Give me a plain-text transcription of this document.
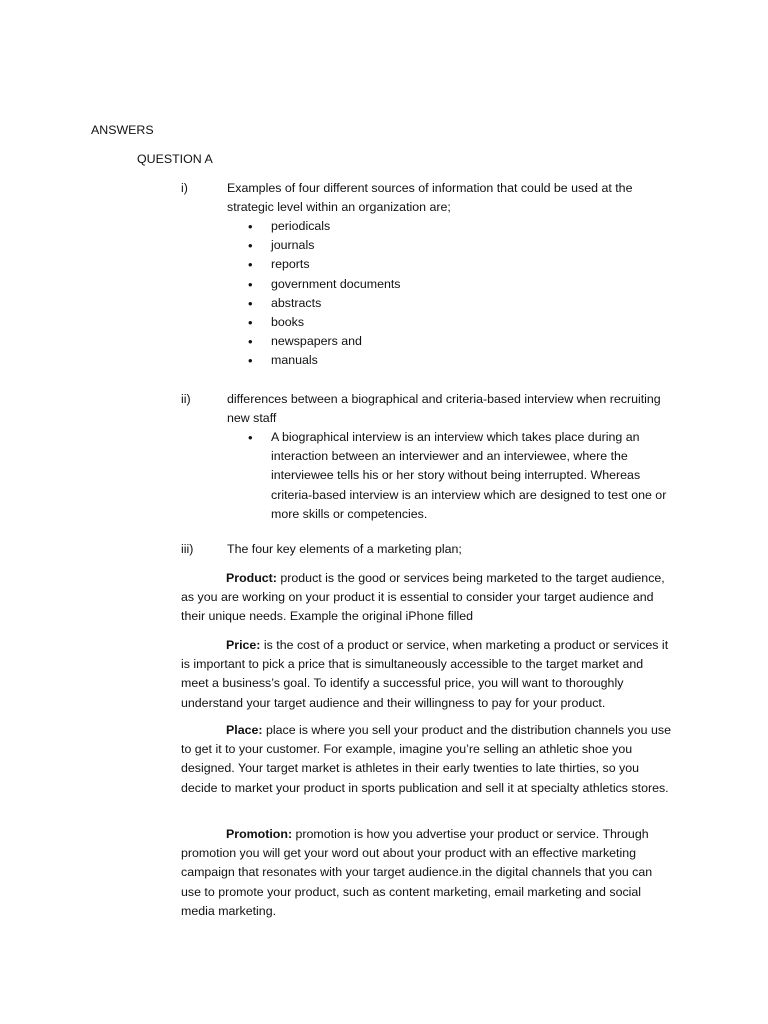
ANSWERS
QUESTION A
i)	Examples of four different sources of information that could be used at the strategic level within an organization are;
• periodicals
• journals
• reports
• government documents
• abstracts
• books
• newspapers and
• manuals
ii)	differences between a biographical and criteria-based interview when recruiting new staff
• A biographical interview is an interview which takes place during an interaction between an interviewer and an interviewee, where the interviewee tells his or her story without being interrupted. Whereas criteria-based interview is an interview which are designed to test one or more skills or competencies.
iii)	The four key elements of a marketing plan;
Product: product is the good or services being marketed to the target audience, as you are working on your product it is essential to consider your target audience and their unique needs. Example the original iPhone filled
Price: is the cost of a product or service, when marketing a product or services it is important to pick a price that is simultaneously accessible to the target market and meet a business’s goal. To identify a successful price, you will want to thoroughly understand your target audience and their willingness to pay for your product.
Place: place is where you sell your product and the distribution channels you use to get it to your customer. For example, imagine you’re selling an athletic shoe you designed. Your target market is athletes in their early twenties to late thirties, so you decide to market your product in sports publication and sell it at specialty athletics stores.
Promotion: promotion is how you advertise your product or service. Through promotion you will get your word out about your product with an effective marketing campaign that resonates with your target audience.in the digital channels that you can use to promote your product, such as content marketing, email marketing and social media marketing.
